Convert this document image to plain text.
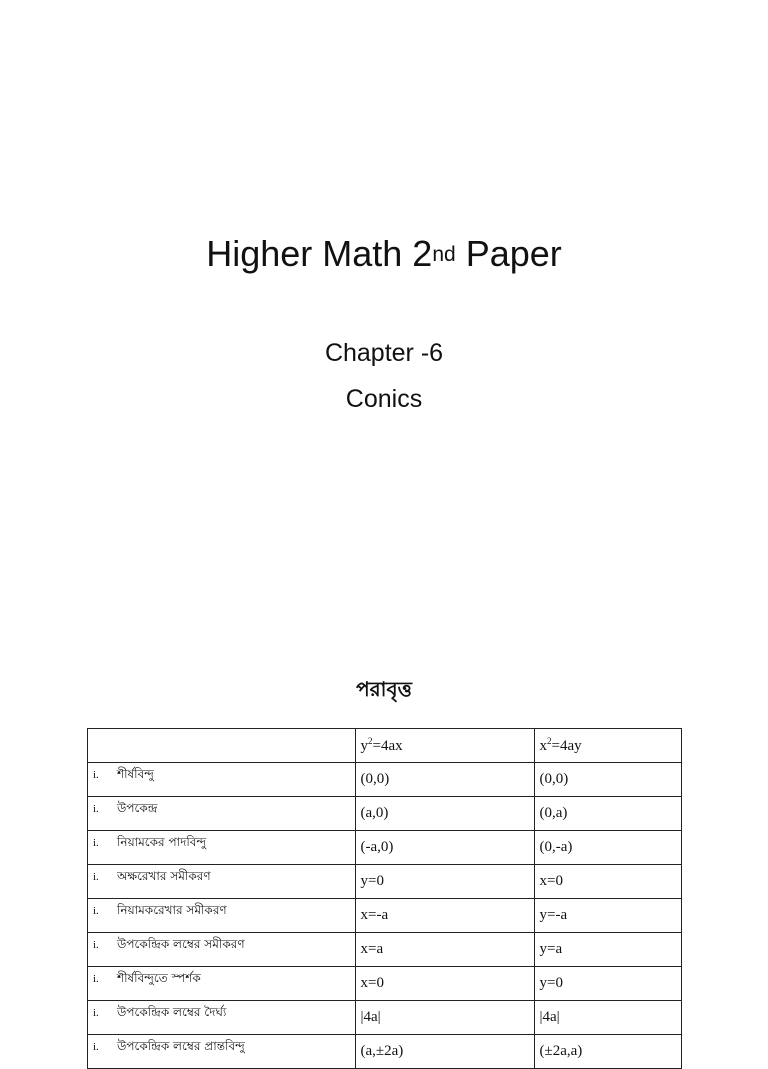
Higher Math 2nd Paper
Chapter -6
Conics
পরাবৃত্ত
	$y^2=4ax$	$x^2=4ay$
i. শীর্ষবিন্দু	(0,0)	(0,0)
i. উপকেন্দ্র	(a,0)	(0,a)
i. নিয়ামকের পাদবিন্দু	(-a,0)	(0,-a)
i. অক্ষরেখার সমীকরণ	y=0	x=0
i. নিয়ামকরেখার সমীকরণ	x=-a	y=-a
i. উপকেন্দ্রিক লম্বের সমীকরণ	x=a	y=a
i. শীর্ষবিন্দুতে স্পর্শক	x=0	y=0
i. উপকেন্দ্রিক লম্বের দৈর্ঘ্য	|4a|	|4a|
i. উপকেন্দ্রিক লম্বের প্রান্তবিন্দু	(a,±2a)	(±2a,a)
